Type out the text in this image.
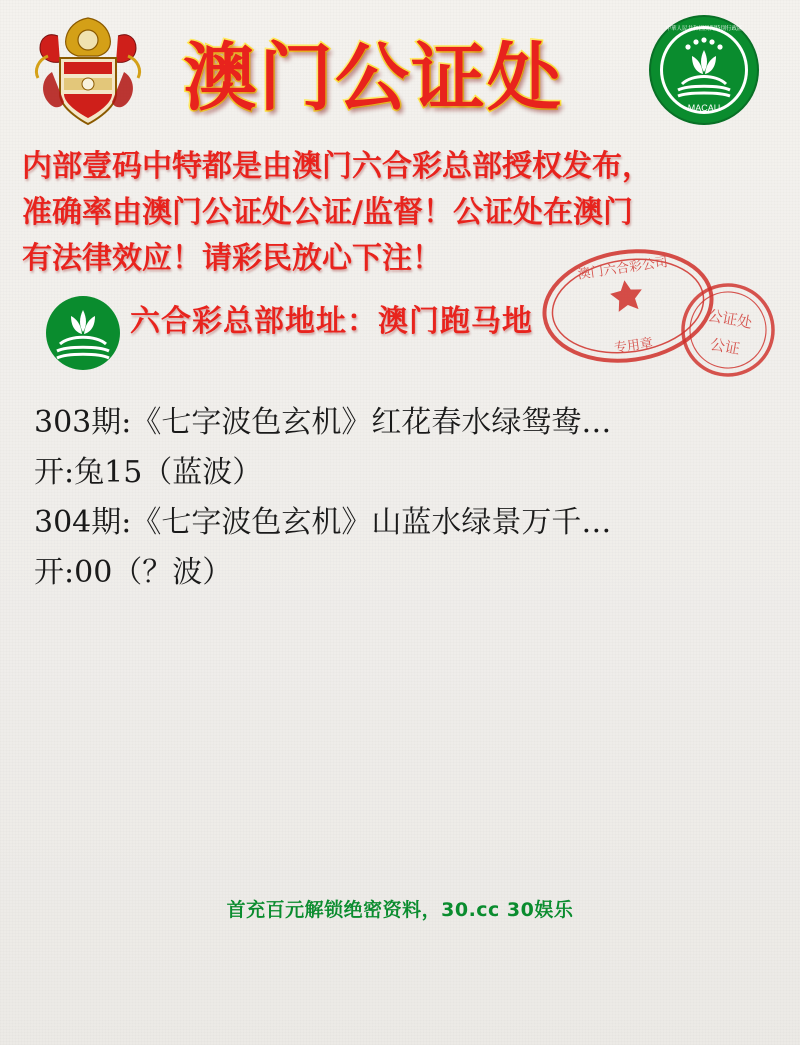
澳门公证处	MACAU
中華人民共和國澳門特別行政區
内部壹码中特都是由澳门六合彩总部授权发布，
准确率由澳门公证处公证/监督！公证处在澳门
有法律效应！请彩民放心下注！
六合彩总部地址：澳门跑马地
澳门六合彩公司
专用章
公证处
公证
303期:《七字波色玄机》红花春水绿鸳鸯…
开:兔15（蓝波）
304期:《七字波色玄机》山蓝水绿景万千…
开:00（？波）
首充百元解锁绝密资料，30.cc 30娱乐
